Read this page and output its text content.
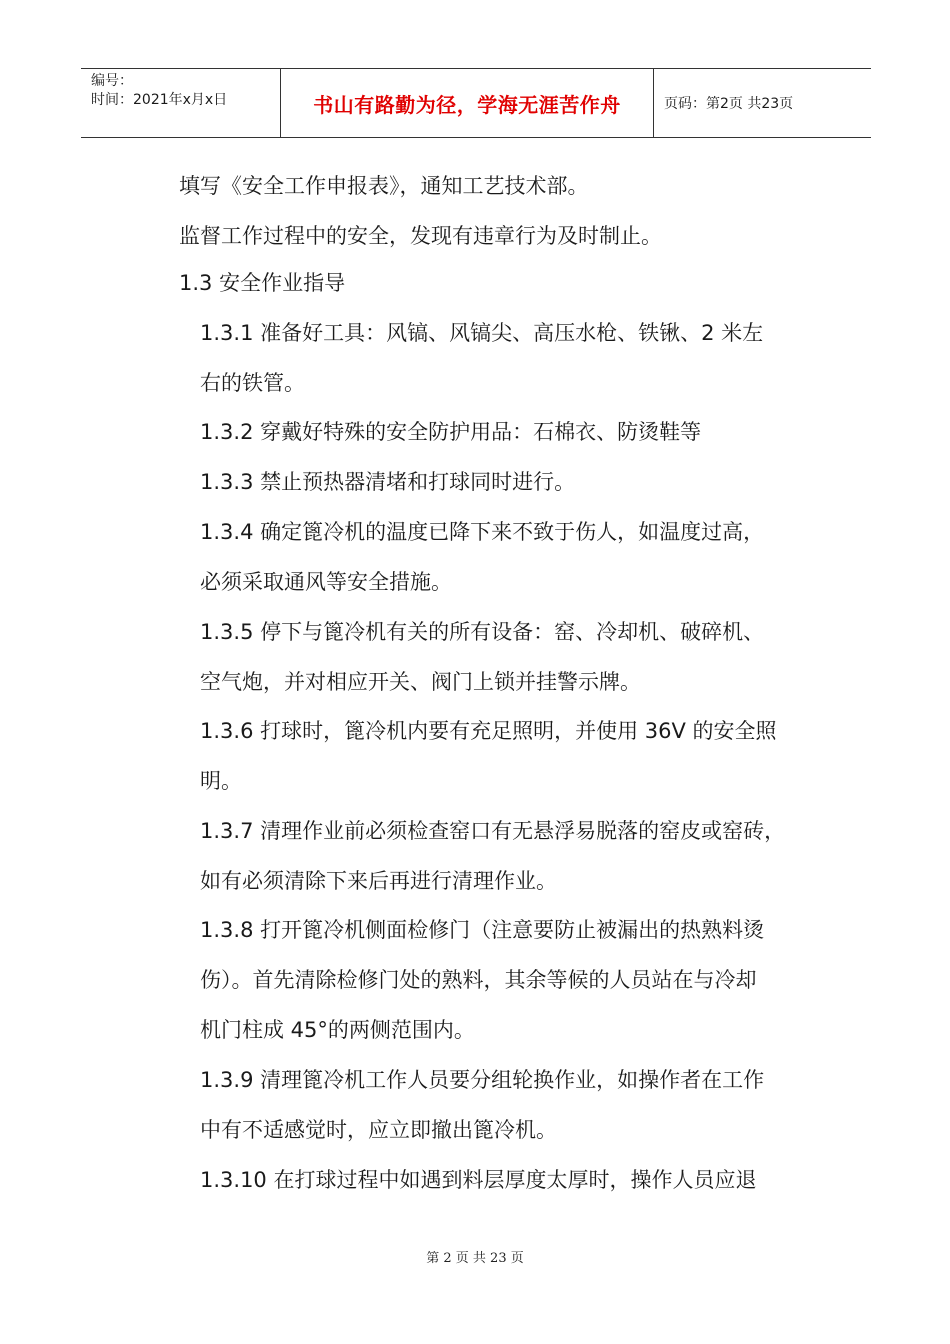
编号：
时间：2021年x月x日	书山有路勤为径，学海无涯苦作舟	页码：第2页 共23页
填写《安全工作申报表》，通知工艺技术部。
监督工作过程中的安全，发现有违章行为及时制止。
1.3 安全作业指导
1.3.1 准备好工具：风镐、风镐尖、高压水枪、铁锹、2 米左
右的铁管。
1.3.2 穿戴好特殊的安全防护用品：石棉衣、防烫鞋等
1.3.3 禁止预热器清堵和打球同时进行。
1.3.4 确定篦冷机的温度已降下来不致于伤人，如温度过高，
必须采取通风等安全措施。
1.3.5 停下与篦冷机有关的所有设备：窑、冷却机、破碎机、
空气炮，并对相应开关、阀门上锁并挂警示牌。
1.3.6 打球时，篦冷机内要有充足照明，并使用 36V 的安全照
明。
1.3.7 清理作业前必须检查窑口有无悬浮易脱落的窑皮或窑砖，
如有必须清除下来后再进行清理作业。
1.3.8 打开篦冷机侧面检修门（注意要防止被漏出的热熟料烫
伤）。首先清除检修门处的熟料，其余等候的人员站在与冷却
机门柱成 45°的两侧范围内。
1.3.9 清理篦冷机工作人员要分组轮换作业，如操作者在工作
中有不适感觉时，应立即撤出篦冷机。
1.3.10 在打球过程中如遇到料层厚度太厚时，操作人员应退
第 2 页 共 23 页
